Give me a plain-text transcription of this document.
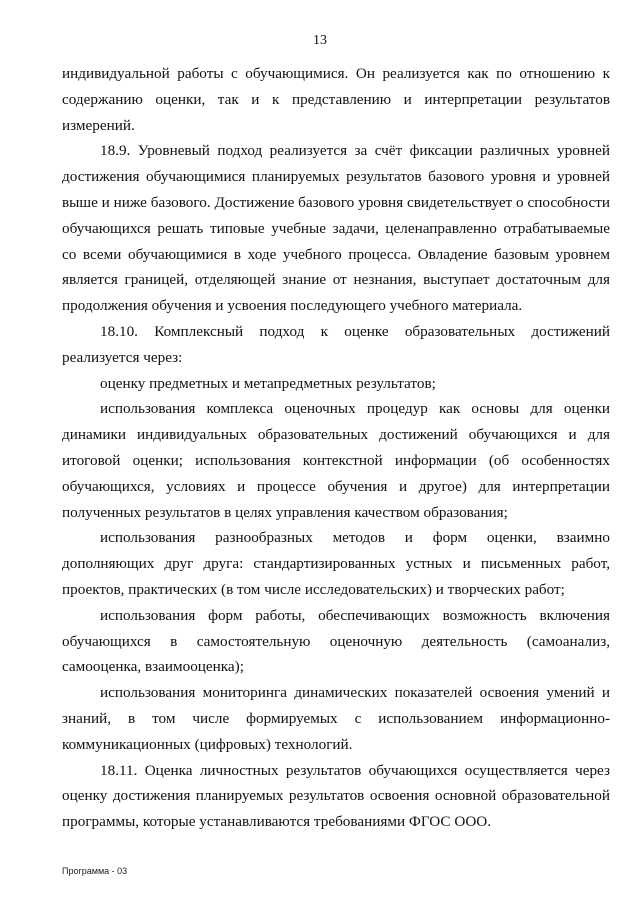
13

индивидуальной работы с обучающимися. Он реализуется как по отношению к содержанию оценки, так и к представлению и интерпретации результатов измерений.

18.9. Уровневый подход реализуется за счёт фиксации различных уровней достижения обучающимися планируемых результатов базового уровня и уровней выше и ниже базового. Достижение базового уровня свидетельствует о способности обучающихся решать типовые учебные задачи, целенаправленно отрабатываемые со всеми обучающимися в ходе учебного процесса. Овладение базовым уровнем является границей, отделяющей знание от незнания, выступает достаточным для продолжения обучения и усвоения последующего учебного материала.

18.10. Комплексный подход к оценке образовательных достижений реализуется через:

оценку предметных и метапредметных результатов;

использования комплекса оценочных процедур как основы для оценки динамики индивидуальных образовательных достижений обучающихся и для итоговой оценки; использования контекстной информации (об особенностях обучающихся, условиях и процессе обучения и другое) для интерпретации полученных результатов в целях управления качеством образования;

использования разнообразных методов и форм оценки, взаимно дополняющих друг друга: стандартизированных устных и письменных работ, проектов, практических (в том числе исследовательских) и творческих работ;

использования форм работы, обеспечивающих возможность включения обучающихся в самостоятельную оценочную деятельность (самоанализ, самооценка, взаимооценка);

использования мониторинга динамических показателей освоения умений и знаний, в том числе формируемых с использованием информационно-коммуникационных (цифровых) технологий.

18.11. Оценка личностных результатов обучающихся осуществляется через оценку достижения планируемых результатов освоения основной образовательной программы, которые устанавливаются требованиями ФГОС ООО.

Программа - 03
